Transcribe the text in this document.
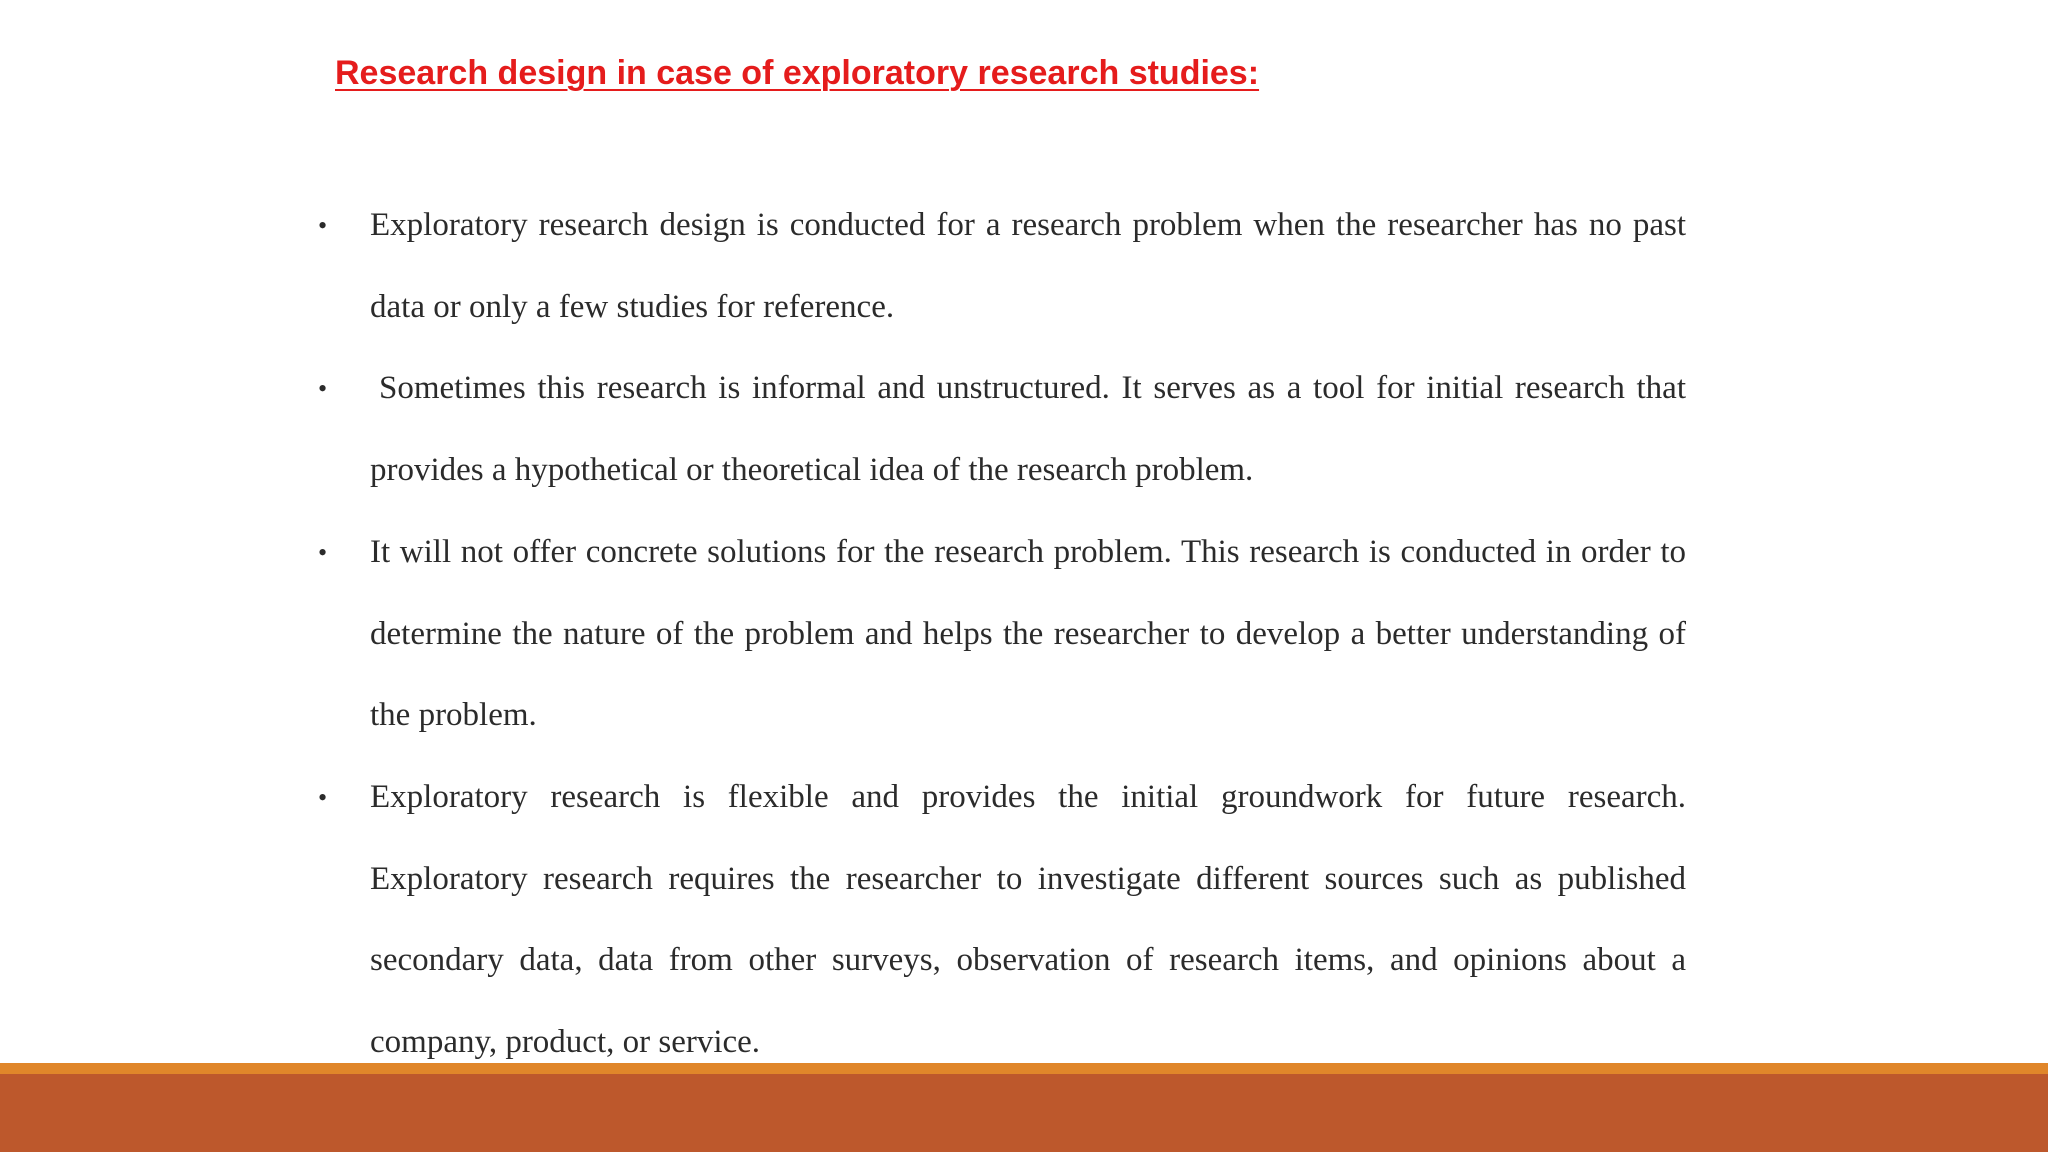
Research design in case of exploratory research studies:
•	Exploratory research design is conducted for a research problem when the researcher has no past data or only a few studies for reference.
•	Sometimes this research is informal and unstructured. It serves as a tool for initial research that provides a hypothetical or theoretical idea of the research problem.
•	It will not offer concrete solutions for the research problem. This research is conducted in order to determine the nature of the problem and helps the researcher to develop a better understanding of the problem.
•	Exploratory research is flexible and provides the initial groundwork for future research. Exploratory research requires the researcher to investigate different sources such as published secondary data, data from other surveys, observation of research items, and opinions about a company, product, or service.
